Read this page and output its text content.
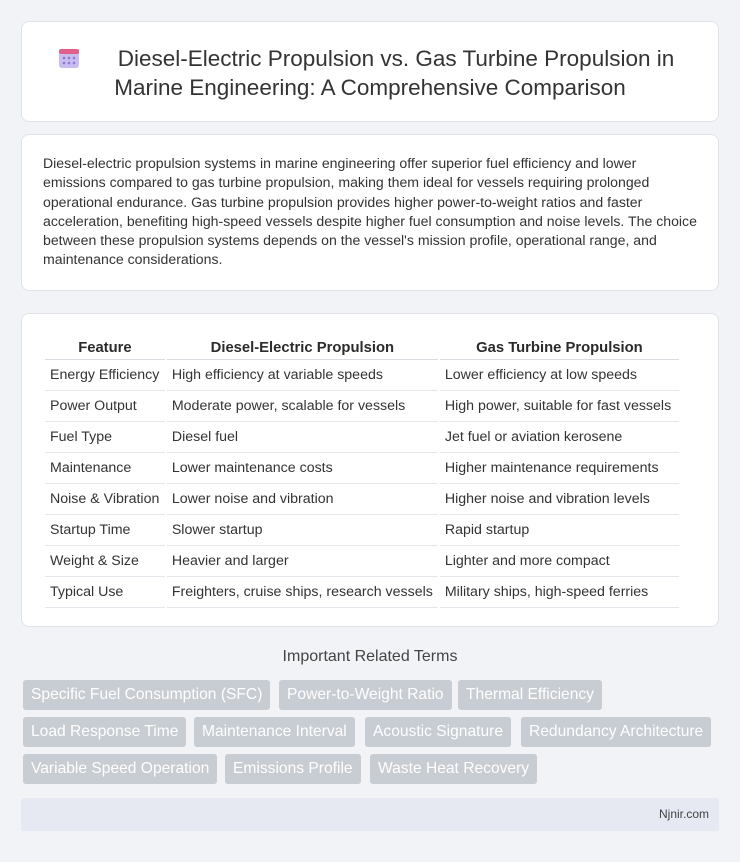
Diesel-Electric Propulsion vs. Gas Turbine Propulsion in
Marine Engineering: A Comprehensive Comparison

Diesel-electric propulsion systems in marine engineering offer superior fuel efficiency and lower emissions compared to gas turbine propulsion, making them ideal for vessels requiring prolonged operational endurance. Gas turbine propulsion provides higher power-to-weight ratios and faster acceleration, benefiting high-speed vessels despite higher fuel consumption and noise levels. The choice between these propulsion systems depends on the vessel's mission profile, operational range, and maintenance considerations.

Feature	Diesel-Electric Propulsion	Gas Turbine Propulsion
Energy Efficiency	High efficiency at variable speeds	Lower efficiency at low speeds
Power Output	Moderate power, scalable for vessels	High power, suitable for fast vessels
Fuel Type	Diesel fuel	Jet fuel or aviation kerosene
Maintenance	Lower maintenance costs	Higher maintenance requirements
Noise & Vibration	Lower noise and vibration	Higher noise and vibration levels
Startup Time	Slower startup	Rapid startup
Weight & Size	Heavier and larger	Lighter and more compact
Typical Use	Freighters, cruise ships, research vessels	Military ships, high-speed ferries
Important Related Terms
Specific Fuel Consumption (SFC)	Power-to-Weight Ratio	Thermal Efficiency
Load Response Time	Maintenance Interval	Acoustic Signature	Redundancy Architecture
Variable Speed Operation	Emissions Profile	Waste Heat Recovery
Njnir.com
